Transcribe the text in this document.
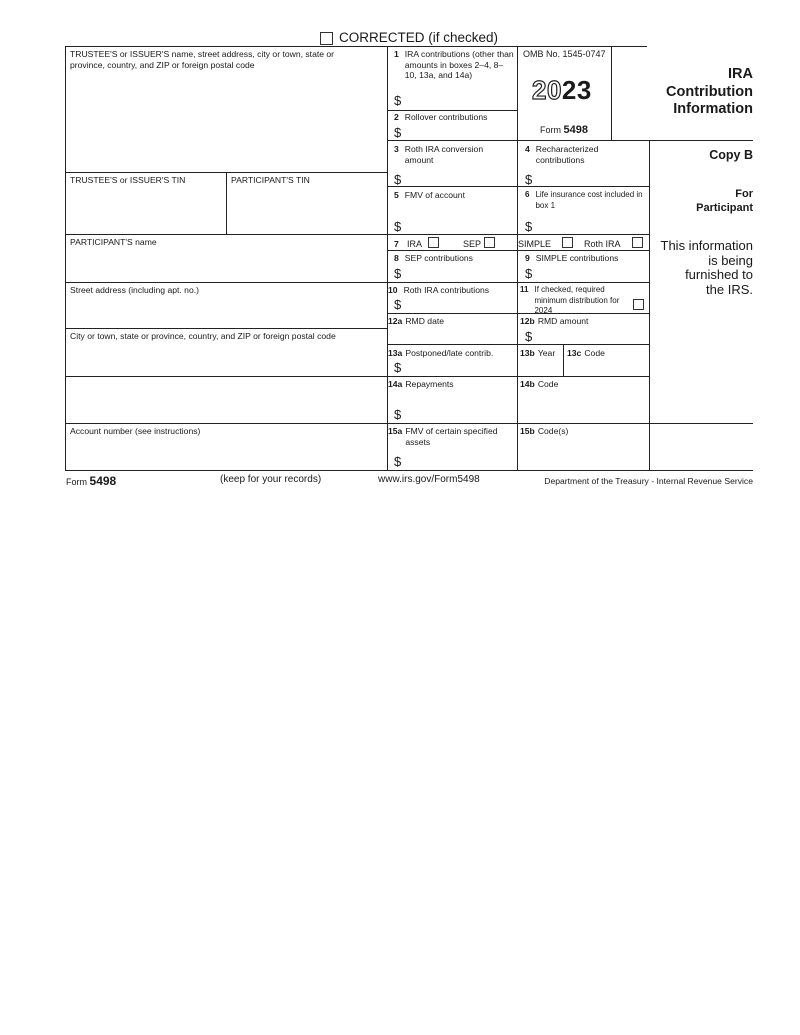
CORRECTED (if checked)
TRUSTEE'S or ISSUER'S name, street address, city or town, state or province, country, and ZIP or foreign postal code
TRUSTEE'S or ISSUER'S TIN	PARTICIPANT'S TIN
PARTICIPANT'S name
Street address (including apt. no.)
City or town, state or province, country, and ZIP or foreign postal code
Account number (see instructions)
1 IRA contributions (other than amounts in boxes 2–4, 8–10, 13a, and 14a)
$
2 Rollover contributions
$
OMB No. 1545-0747
2023
Form 5498
3 Roth IRA conversion amount
$
4 Recharacterized contributions
$
5 FMV of account
$
6 Life insurance cost included in box 1
$
7 IRA	SEP	SIMPLE	Roth IRA
8 SEP contributions
$
9 SIMPLE contributions
$
10 Roth IRA contributions
$
11 If checked, required minimum distribution for 2024
12a RMD date	12b RMD amount
$
13a Postponed/late contrib.
$
13b Year 13c Code
14a Repayments
$
14b Code
15a FMV of certain specified assets
$
15b Code(s)
IRA
Contribution
Information
Copy B
For
Participant
This information
is being
furnished to
the IRS.
Form 5498	(keep for your records)	www.irs.gov/Form5498	Department of the Treasury - Internal Revenue Service
